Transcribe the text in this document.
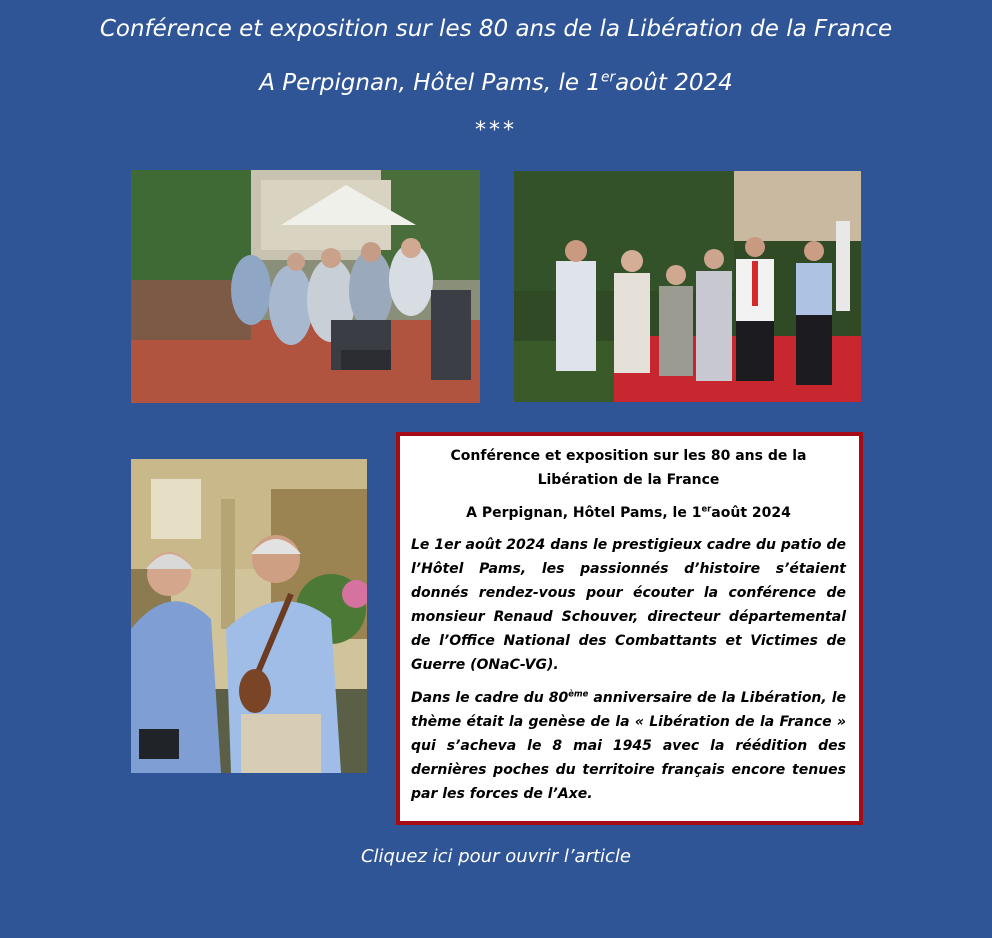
Conférence et exposition sur les 80 ans de la Libération de la France
A Perpignan, Hôtel Pams, le 1eraoût 2024
***

Conférence et exposition sur les 80 ans de la Libération de la France

A Perpignan, Hôtel Pams, le 1eraoût 2024

Le 1er août 2024 dans le prestigieux cadre du patio de l’Hôtel Pams, les passionnés d’histoire s’étaient donnés rendez-vous pour écouter la conférence de monsieur Renaud Schouver, directeur départemental de l’Office National des Combattants et Victimes de Guerre (ONaC-VG).

Dans le cadre du 80ème anniversaire de la Libération, le thème était la genèse de la « Libération de la France » qui s’acheva le 8 mai 1945 avec la réédition des dernières poches du territoire français encore tenues par les forces de l’Axe.

Cliquez ici pour ouvrir l’article
